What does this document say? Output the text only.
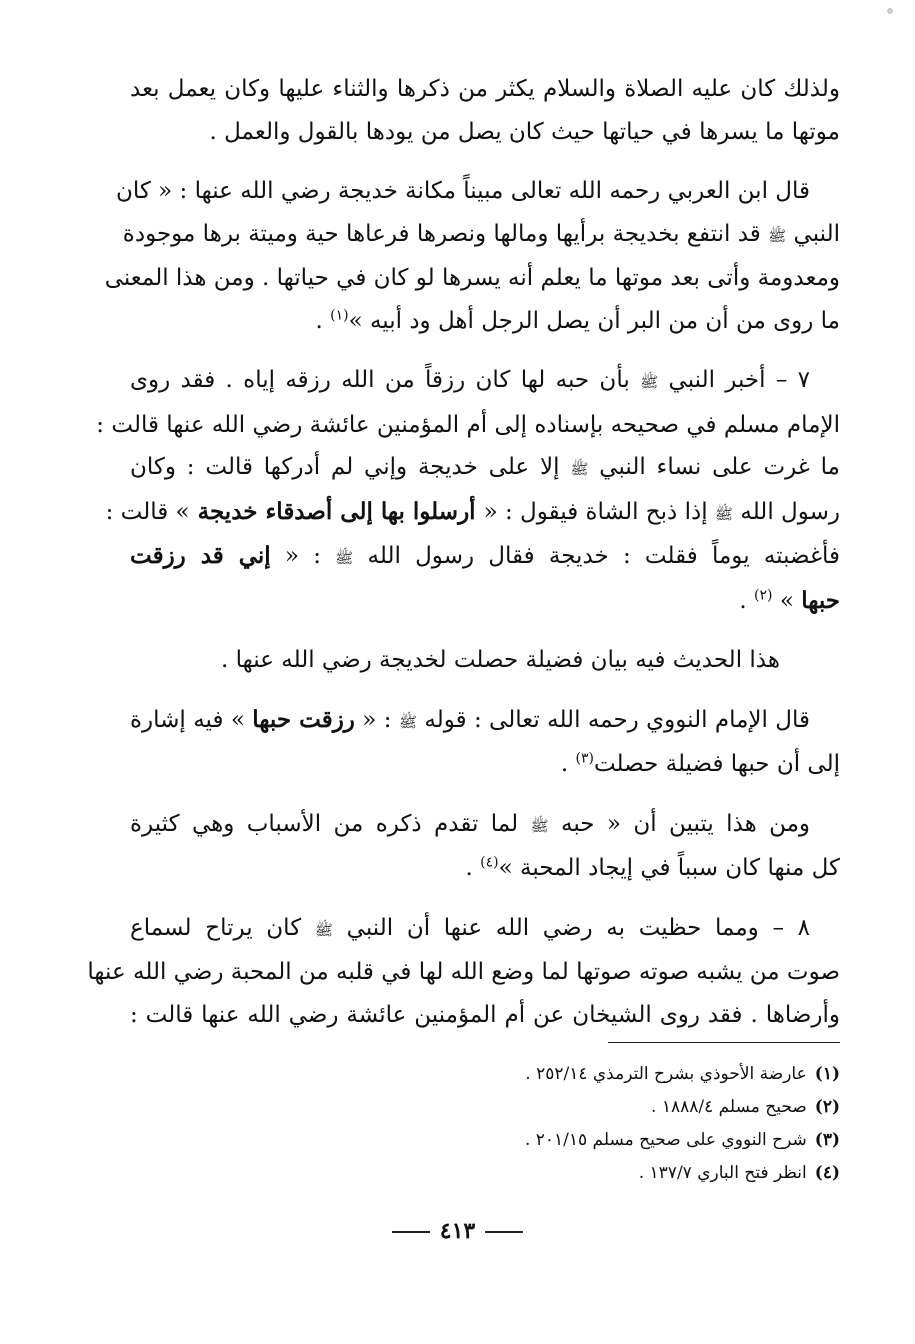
ولذلك كان عليه الصلاة والسلام يكثر من ذكرها والثناء عليها وكان يعمل بعد
موتها ما يسرها في حياتها حيث كان يصل من يودها بالقول والعمل .

قال ابن العربي رحمه الله تعالى مبيناً مكانة خديجة رضي الله عنها : « كان
النبي ﷺ قد انتفع بخديجة برأيها ومالها ونصرها فرعاها حية وميتة برها موجودة
ومعدومة وأتى بعد موتها ما يعلم أنه يسرها لو كان في حياتها . ومن هذا المعنى
ما روى من أن من البر أن يصل الرجل أهل ود أبيه »$^{(١)}$ .

٧ – أخبر النبي ﷺ بأن حبه لها كان رزقاً من الله رزقه إياه . فقد روى
الإمام مسلم في صحيحه بإسناده إلى أم المؤمنين عائشة رضي الله عنها قالت :
ما غرت على نساء النبي ﷺ إلا على خديجة وإني لم أدركها قالت : وكان
رسول الله ﷺ إذا ذبح الشاة فيقول : « أرسلوا بها إلى أصدقاء خديجة » قالت :
فأغضبته يوماً فقلت : خديجة فقال رسول الله ﷺ : « إني قد رزقت
حبها » $^{(٢)}$ .

هذا الحديث فيه بيان فضيلة حصلت لخديجة رضي الله عنها .

قال الإمام النووي رحمه الله تعالى : قوله ﷺ : « رزقت حبها » فيه إشارة
إلى أن حبها فضيلة حصلت$^{(٣)}$ .

ومن هذا يتبين أن « حبه ﷺ لما تقدم ذكره من الأسباب وهي كثيرة
كل منها كان سبباً في إيجاد المحبة »$^{(٤)}$ .

٨ – ومما حظيت به رضي الله عنها أن النبي ﷺ كان يرتاح لسماع
صوت من يشبه صوته صوتها لما وضع الله لها في قلبه من المحبة رضي الله عنها
وأرضاها . فقد روى الشيخان عن أم المؤمنين عائشة رضي الله عنها قالت :

(١)عارضة الأحوذي بشرح الترمذي ٢٥٢/١٤ .
(٢)صحيح مسلم ١٨٨٨/٤ .
(٣)شرح النووي على صحيح مسلم ٢٠١/١٥ .
(٤)انظر فتح الباري ١٣٧/٧ .
٤١٣
